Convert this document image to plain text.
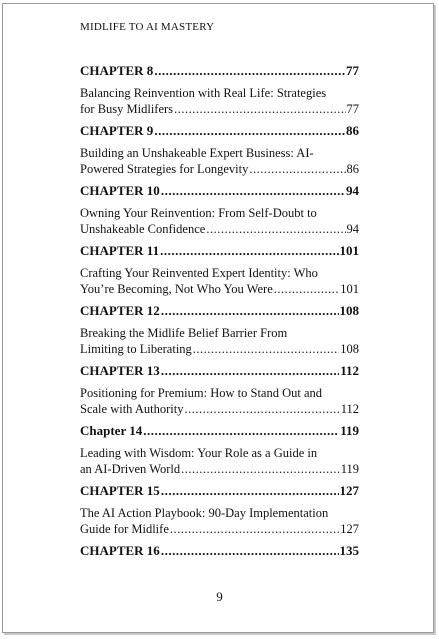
MIDLIFE TO AI MASTERY
CHAPTER 8 .....	77
Balancing Reinvention with Real Life: Strategies
for Busy Midlifers .....	77
CHAPTER 9 .....	86
Building an Unshakeable Expert Business: AI-
Powered Strategies for Longevity .....	86
CHAPTER 10 .....	94
Owning Your Reinvention: From Self-Doubt to
Unshakeable Confidence .....	94
CHAPTER 11 .....	101
Crafting Your Reinvented Expert Identity: Who
You’re Becoming, Not Who You Were .....	101
CHAPTER 12 .....	108
Breaking the Midlife Belief Barrier From
Limiting to Liberating .....	108
CHAPTER 13 .....	112
Positioning for Premium: How to Stand Out and
Scale with Authority .....	112
Chapter 14 .....	119
Leading with Wisdom: Your Role as a Guide in
an AI-Driven World .....	119
CHAPTER 15 .....	127
The AI Action Playbook: 90-Day Implementation
Guide for Midlife .....	127
CHAPTER 16 .....	135
9
